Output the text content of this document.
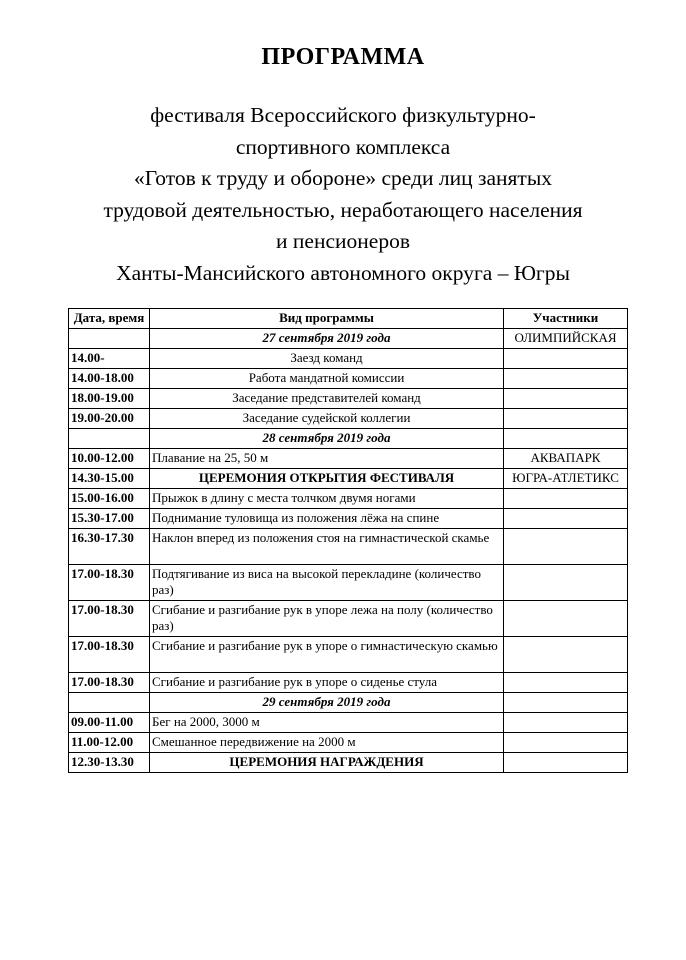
ПРОГРАММА
фестиваля Всероссийского физкультурно-
спортивного комплекса
«Готов к труду и обороне» среди лиц занятых
трудовой деятельностью, неработающего населения
и пенсионеров
Ханты-Мансийского автономного округа – Югры
Дата, время	Вид программы	Участники
	27 сентября 2019 года	ОЛИМПИЙСКАЯ
14.00-	Заезд команд	
14.00-18.00	Работа мандатной комиссии	
18.00-19.00	Заседание представителей команд	
19.00-20.00	Заседание судейской коллегии	
	28 сентября 2019 года	
10.00-12.00	Плавание на 25, 50 м	АКВАПАРК
14.30-15.00	ЦЕРЕМОНИЯ ОТКРЫТИЯ ФЕСТИВАЛЯ	ЮГРА-АТЛЕТИКС
15.00-16.00	Прыжок в длину с места толчком двумя ногами	
15.30-17.00	Поднимание туловища из положения лёжа на спине	
16.30-17.30	Наклон вперед из положения стоя на гимнастической скамье	
17.00-18.30	Подтягивание из виса на высокой перекладине (количество раз)	
17.00-18.30	Сгибание и разгибание рук в упоре лежа на полу (количество раз)	
17.00-18.30	Сгибание и разгибание рук в упоре о гимнастическую скамью	
17.00-18.30	Сгибание и разгибание рук в упоре о сиденье стула	
	29 сентября 2019 года	
09.00-11.00	Бег на 2000, 3000 м	
11.00-12.00	Смешанное передвижение на 2000 м	
12.30-13.30	ЦЕРЕМОНИЯ НАГРАЖДЕНИЯ	
